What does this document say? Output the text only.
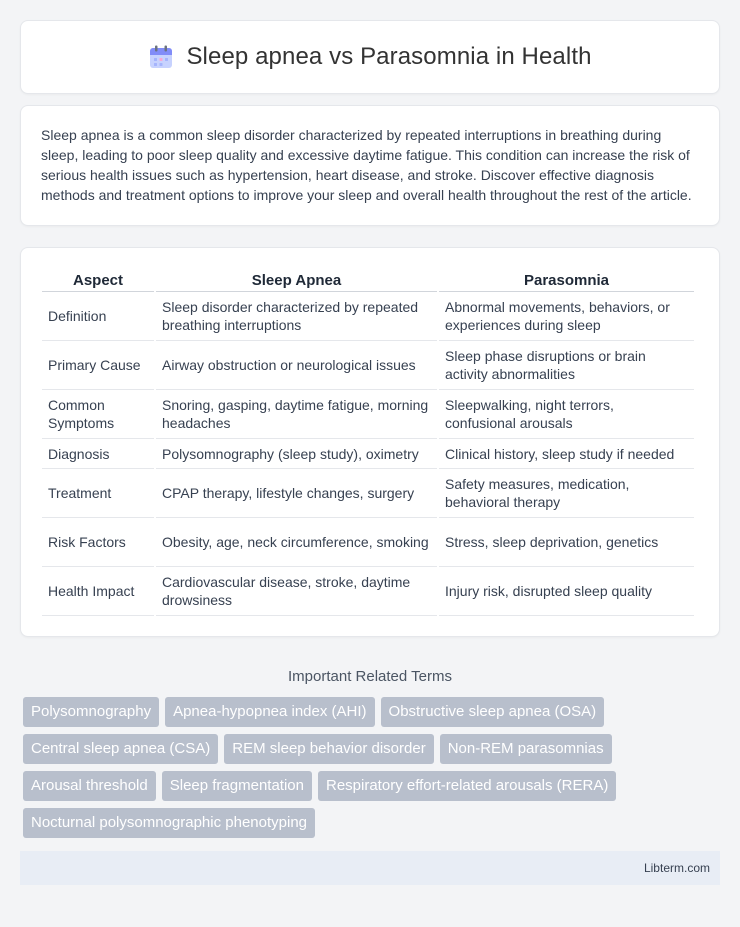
Sleep apnea vs Parasomnia in Health

Sleep apnea is a common sleep disorder characterized by repeated interruptions in breathing during sleep, leading to poor sleep quality and excessive daytime fatigue. This condition can increase the risk of serious health issues such as hypertension, heart disease, and stroke. Discover effective diagnosis methods and treatment options to improve your sleep and overall health throughout the rest of the article.

Aspect	Sleep Apnea	Parasomnia
Definition	Sleep disorder characterized by repeated breathing interruptions	Abnormal movements, behaviors, or experiences during sleep
Primary Cause	Airway obstruction or neurological issues	Sleep phase disruptions or brain activity abnormalities
Common Symptoms	Snoring, gasping, daytime fatigue, morning headaches	Sleepwalking, night terrors, confusional arousals
Diagnosis	Polysomnography (sleep study), oximetry	Clinical history, sleep study if needed
Treatment	CPAP therapy, lifestyle changes, surgery	Safety measures, medication, behavioral therapy
Risk Factors	Obesity, age, neck circumference, smoking	Stress, sleep deprivation, genetics
Health Impact	Cardiovascular disease, stroke, daytime drowsiness	Injury risk, disrupted sleep quality
Important Related Terms
Polysomnography	Apnea-hypopnea index (AHI)	Obstructive sleep apnea (OSA)
Central sleep apnea (CSA)	REM sleep behavior disorder	Non-REM parasomnias
Arousal threshold	Sleep fragmentation	Respiratory effort-related arousals (RERA)
Nocturnal polysomnographic phenotyping
Libterm.com
